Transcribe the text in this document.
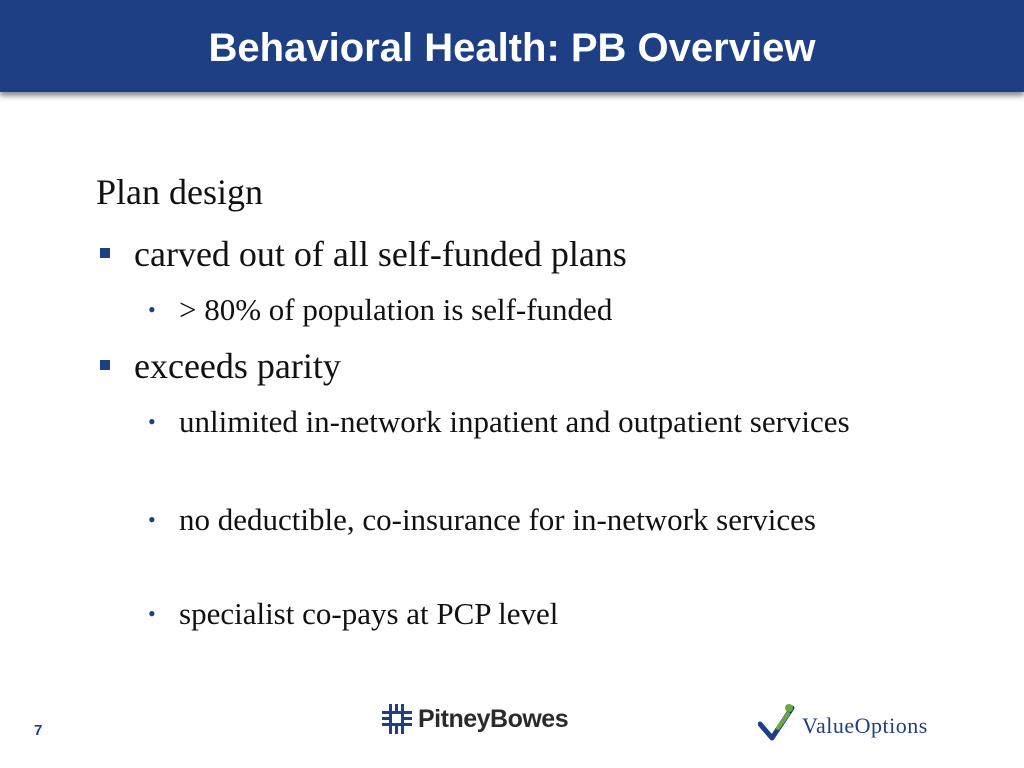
Behavioral Health: PB Overview

Plan design

carved out of all self-funded plans
• > 80% of population is self-funded
exceeds parity
• unlimited in-network inpatient and outpatient services
• no deductible, co-insurance for in-network services
• specialist co-pays at PCP level
7	PitneyBowes	ValueOptions
